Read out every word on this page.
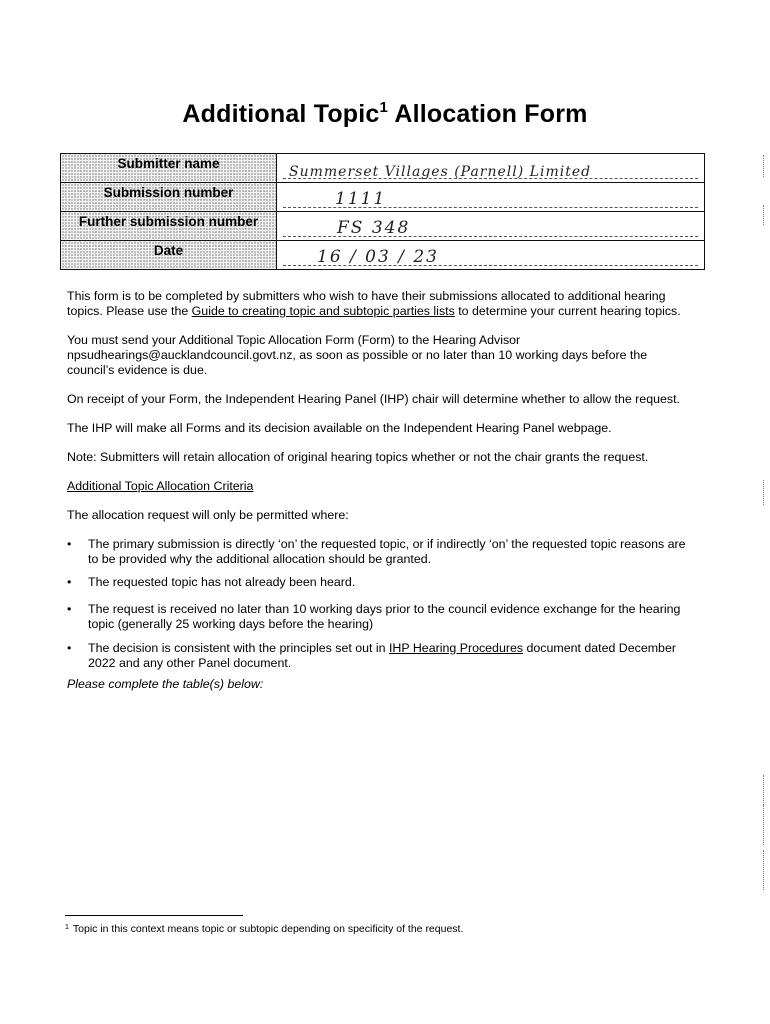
Additional Topic$^1$ Allocation Form
Submitter name	Summerset Villages (Parnell) Limited

Submission number	1111

Further submission number	FS 348

Date	16 / 03 / 23

This form is to be completed by submitters who wish to have their submissions allocated to additional hearing topics. Please use the Guide to creating topic and subtopic parties lists to determine your current hearing topics.

You must send your Additional Topic Allocation Form (Form) to the Hearing Advisor npsudhearings@aucklandcouncil.govt.nz, as soon as possible or no later than 10 working days before the council’s evidence is due.

On receipt of your Form, the Independent Hearing Panel (IHP) chair will determine whether to allow the request.

The IHP will make all Forms and its decision available on the Independent Hearing Panel webpage.

Note: Submitters will retain allocation of original hearing topics whether or not the chair grants the request.

Additional Topic Allocation Criteria

The allocation request will only be permitted where:

• The primary submission is directly ‘on’ the requested topic, or if indirectly ‘on’ the requested topic reasons are to be provided why the additional allocation should be granted.
• The requested topic has not already been heard.
• The request is received no later than 10 working days prior to the council evidence exchange for the hearing topic (generally 25 working days before the hearing)
• The decision is consistent with the principles set out in IHP Hearing Procedures document dated December 2022 and any other Panel document.

Please complete the table(s) below:

$^1$ Topic in this context means topic or subtopic depending on specificity of the request.
